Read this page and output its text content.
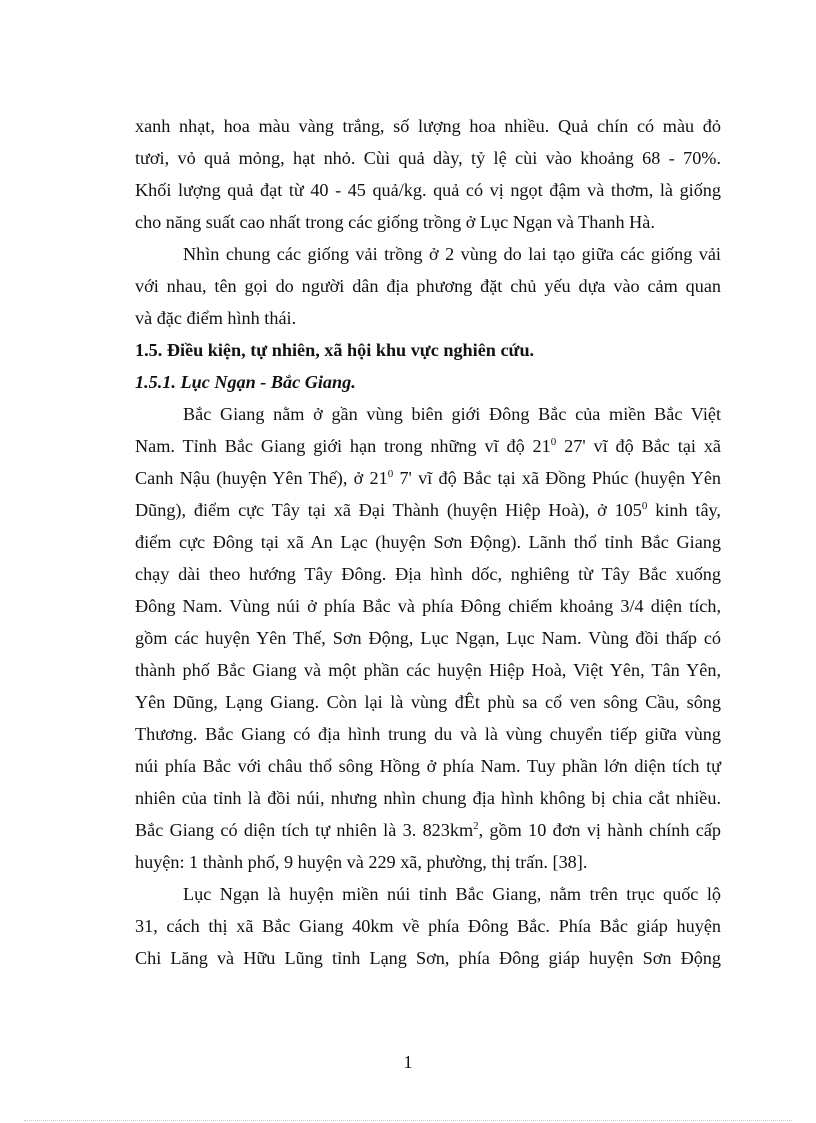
xanh nhạt, hoa màu vàng trắng, số lượng hoa nhiều. Quả chín có màu đỏ
tươi, vỏ quả mỏng, hạt nhỏ. Cùi quả dày, tỷ lệ cùi vào khoảng 68 - 70%.
Khối lượng quả đạt từ 40 - 45 quả/kg. quả có vị ngọt đậm và thơm, là giống
cho năng suất cao nhất trong các giống trồng ở Lục Ngạn và Thanh Hà.
Nhìn chung các giống vải trồng ở 2 vùng do lai tạo giữa các giống vải
với nhau, tên gọi do người dân địa phương đặt chủ yếu dựa vào cảm quan
và đặc điểm hình thái.
1.5. Điều kiện, tự nhiên, xã hội khu vực nghiên cứu.
1.5.1. Lục Ngạn - Bắc Giang.
Bắc Giang nằm ở gần vùng biên giới Đông Bắc của miền Bắc Việt
Nam. Tỉnh Bắc Giang giới hạn trong những vĩ độ $21^0$ 27' vĩ độ Bắc tại xã
Canh Nậu (huyện Yên Thế), ở $21^0$ 7' vĩ độ Bắc tại xã Đồng Phúc (huyện Yên
Dũng), điểm cực Tây tại xã Đại Thành (huyện Hiệp Hoà), ở $105^0$ kinh tây,
điểm cực Đông tại xã An Lạc (huyện Sơn Động). Lãnh thổ tỉnh Bắc Giang
chạy dài theo hướng Tây Đông. Địa hình dốc, nghiêng từ Tây Bắc xuống
Đông Nam. Vùng núi ở phía Bắc và phía Đông chiếm khoảng 3/4 diện tích,
gồm các huyện Yên Thế, Sơn Động, Lục Ngạn, Lục Nam. Vùng đồi thấp có
thành phố Bắc Giang và một phần các huyện Hiệp Hoà, Việt Yên, Tân Yên,
Yên Dũng, Lạng Giang. Còn lại là vùng đÊt phù sa cổ ven sông Cầu, sông
Thương. Bắc Giang có địa hình trung du và là vùng chuyển tiếp giữa vùng
núi phía Bắc với châu thổ sông Hồng ở phía Nam. Tuy phần lớn diện tích tự
nhiên của tỉnh là đồi núi, nhưng nhìn chung địa hình không bị chia cắt nhiều.
Bắc Giang có diện tích tự nhiên là 3. $823km^2$, gồm 10 đơn vị hành chính cấp
huyện: 1 thành phố, 9 huyện và 229 xã, phường, thị trấn. [38].
Lục Ngạn là huyện miền núi tỉnh Bắc Giang, nằm trên trục quốc lộ
31, cách thị xã Bắc Giang 40km về phía Đông Bắc. Phía Bắc giáp huyện
Chi Lăng và Hữu Lũng tỉnh Lạng Sơn, phía Đông giáp huyện Sơn Động
1
